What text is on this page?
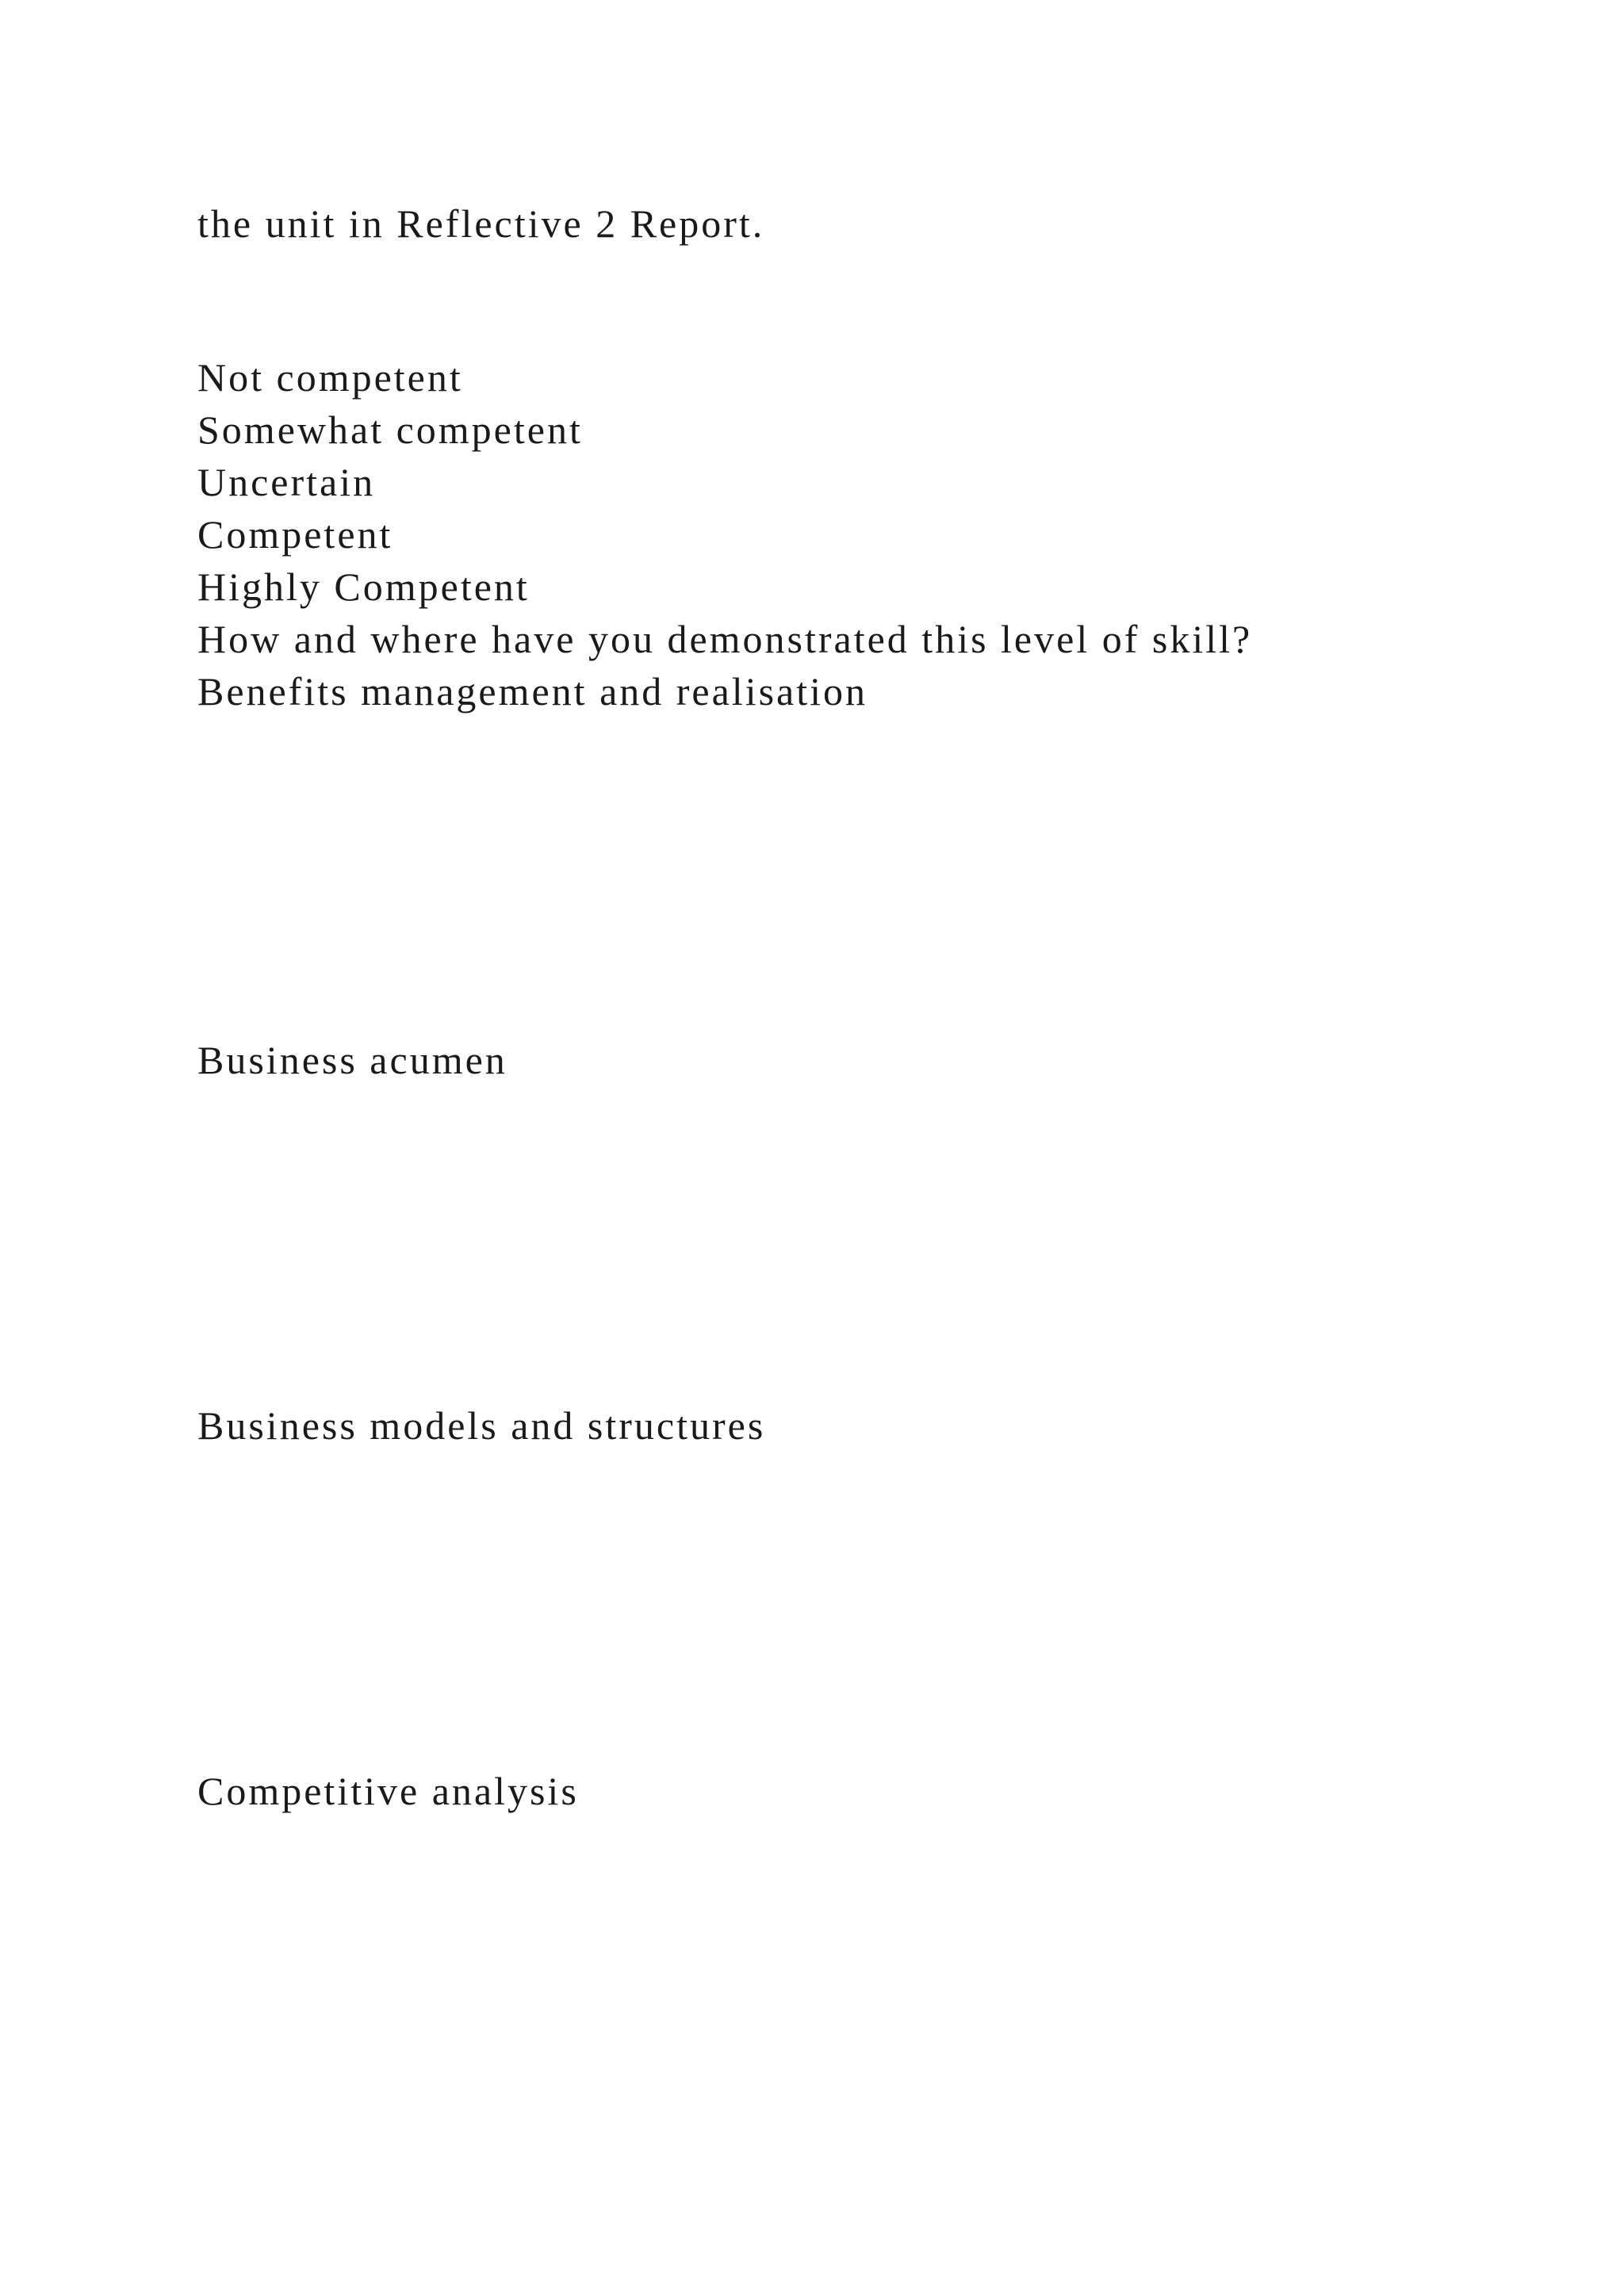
the unit in Reflective 2 Report.

Not competent
Somewhat competent
Uncertain
Competent
Highly Competent
How and where have you demonstrated this level of skill?
Benefits management and realisation

Business acumen

Business models and structures

Competitive analysis
